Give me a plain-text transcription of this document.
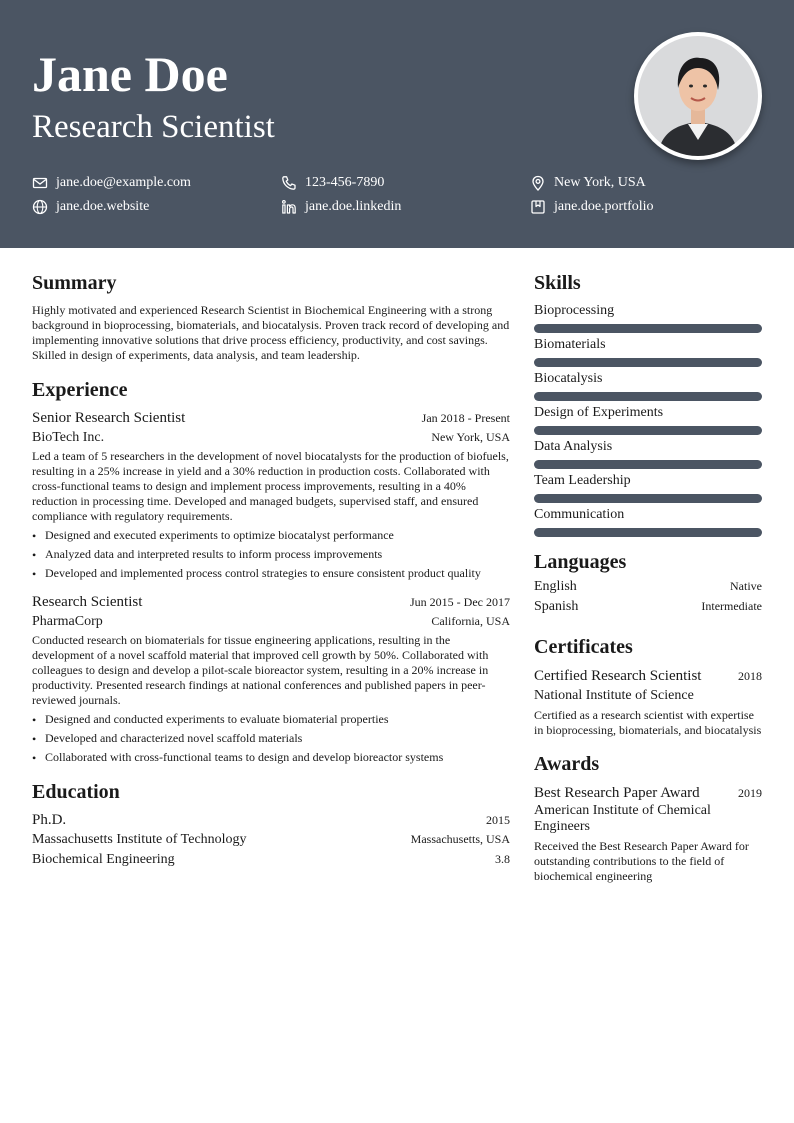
Jane Doe
Research Scientist
jane.doe@example.com	123-456-7890	New York, USA
jane.doe.website	jane.doe.linkedin	jane.doe.portfolio
Summary
Highly motivated and experienced Research Scientist in Biochemical Engineering with a strong background in bioprocessing, biomaterials, and biocatalysis. Proven track record of developing and implementing innovative solutions that drive process efficiency, productivity, and cost savings. Skilled in design of experiments, data analysis, and team leadership.
Experience
Senior Research Scientist	Jan 2018 - Present
BioTech Inc.	New York, USA
Led a team of 5 researchers in the development of novel biocatalysts for the production of biofuels, resulting in a 25% increase in yield and a 30% reduction in production costs. Collaborated with cross-functional teams to design and implement process improvements, resulting in a 40% reduction in processing time. Developed and managed budgets, supervised staff, and ensured compliance with regulatory requirements.
• Designed and executed experiments to optimize biocatalyst performance
• Analyzed data and interpreted results to inform process improvements
• Developed and implemented process control strategies to ensure consistent product quality
Research Scientist	Jun 2015 - Dec 2017
PharmaCorp	California, USA
Conducted research on biomaterials for tissue engineering applications, resulting in the development of a novel scaffold material that improved cell growth by 50%. Collaborated with colleagues to design and develop a pilot-scale bioreactor system, resulting in a 20% increase in productivity. Presented research findings at national conferences and published papers in peer-reviewed journals.
• Designed and conducted experiments to evaluate biomaterial properties
• Developed and characterized novel scaffold materials
• Collaborated with cross-functional teams to design and develop bioreactor systems
Education
Ph.D.	2015
Massachusetts Institute of Technology	Massachusetts, USA
Biochemical Engineering	3.8
Skills
Bioprocessing
Biomaterials
Biocatalysis
Design of Experiments
Data Analysis
Team Leadership
Communication
Languages
English	Native
Spanish	Intermediate
Certificates
Certified Research Scientist	2018
National Institute of Science
Certified as a research scientist with expertise in bioprocessing, biomaterials, and biocatalysis
Awards
Best Research Paper Award	2019
American Institute of Chemical Engineers
Received the Best Research Paper Award for outstanding contributions to the field of biochemical engineering
